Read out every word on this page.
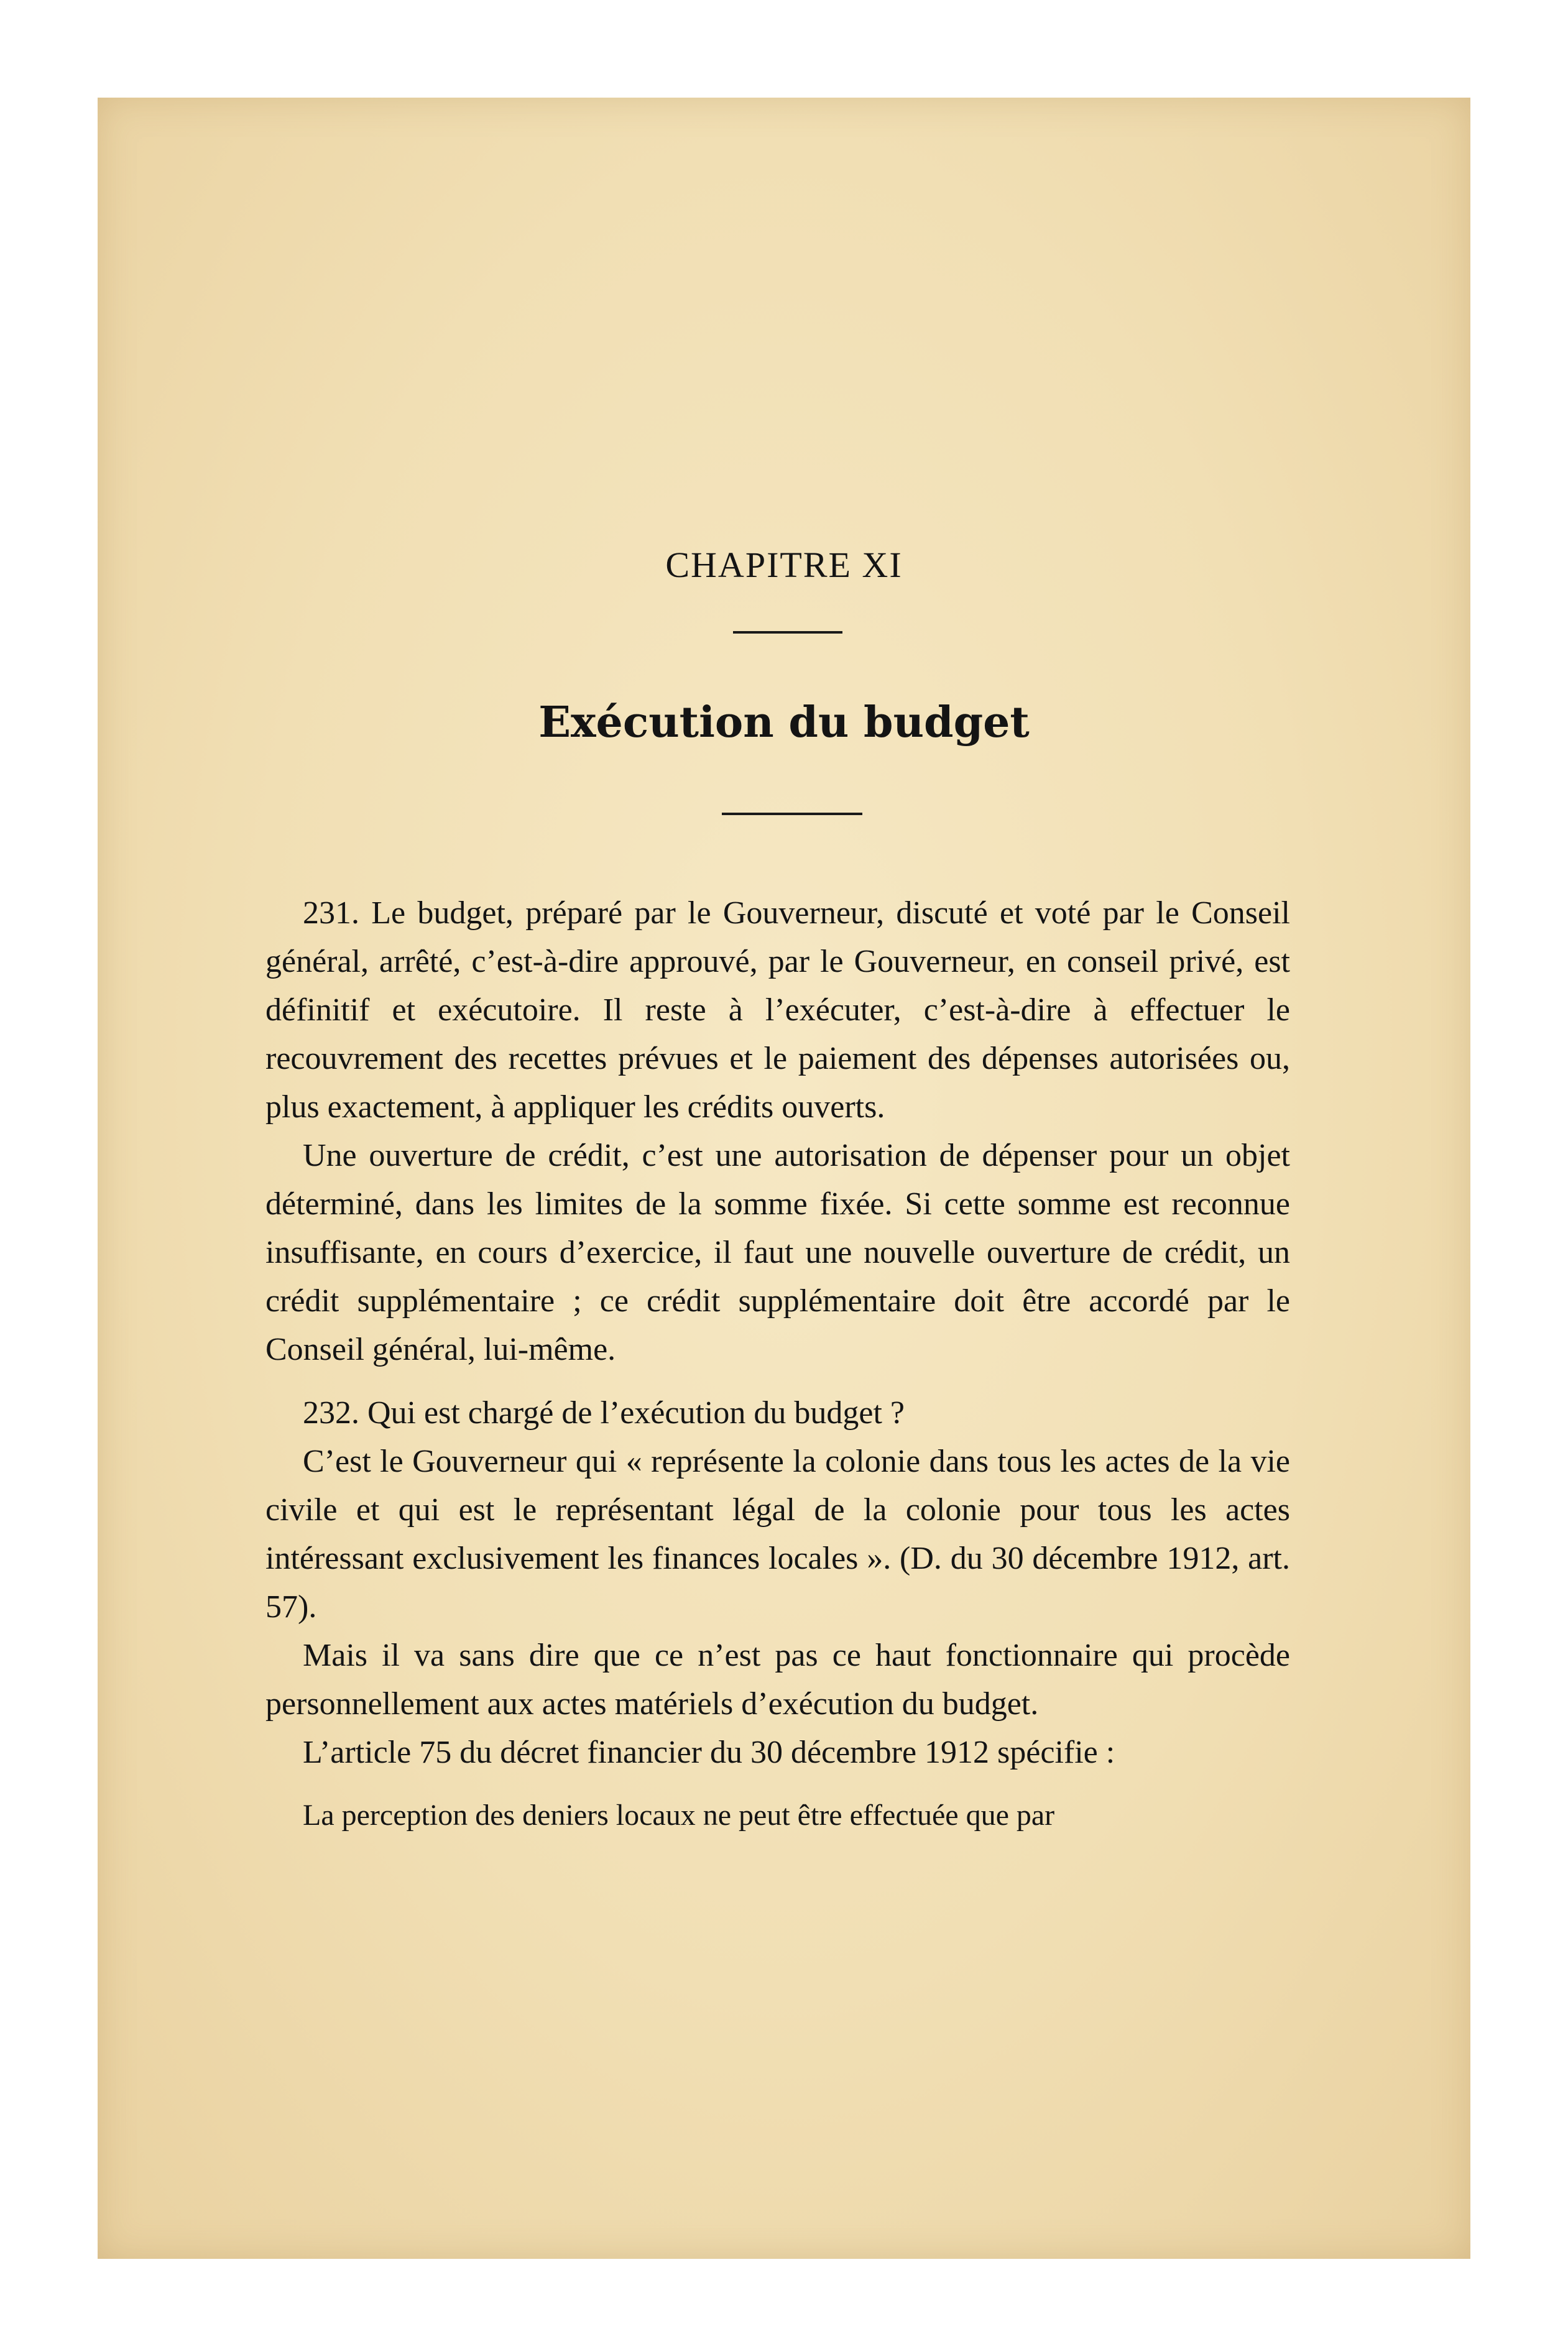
CHAPITRE XI
Exécution du budget

231. Le budget, préparé par le Gouverneur, discuté et voté par le Conseil général, arrêté, c’est-à-dire approuvé, par le Gouverneur, en conseil privé, est définitif et exécutoire. Il reste à l’exécuter, c’est-à-dire à effectuer le recouvrement des recettes prévues et le paiement des dépenses autorisées ou, plus exactement, à appliquer les crédits ouverts.

Une ouverture de crédit, c’est une autorisation de dépenser pour un objet déterminé, dans les limites de la somme fixée. Si cette somme est reconnue insuffisante, en cours d’exercice, il faut une nouvelle ouverture de crédit, un crédit supplémentaire ; ce crédit supplémentaire doit être accordé par le Conseil général, lui-même.

232. Qui est chargé de l’exécution du budget ?

C’est le Gouverneur qui « représente la colonie dans tous les actes de la vie civile et qui est le représentant légal de la colonie pour tous les actes intéressant exclusivement les finances locales ». (D. du 30 décembre 1912, art. 57).

Mais il va sans dire que ce n’est pas ce haut fonctionnaire qui procède personnellement aux actes matériels d’exécution du budget.

L’article 75 du décret financier du 30 décembre 1912 spécifie :

La perception des deniers locaux ne peut être effectuée que par
